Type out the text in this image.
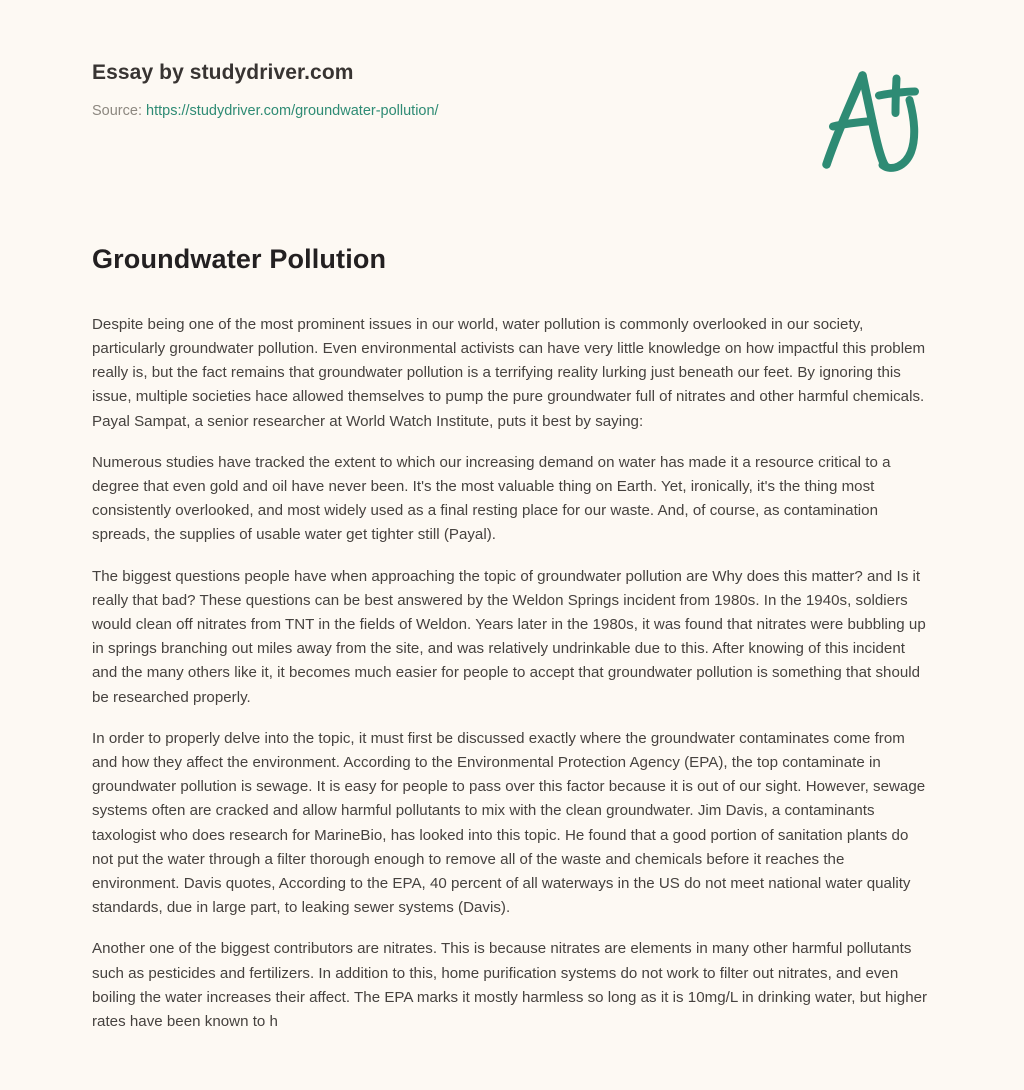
Essay by studydriver.com
Source: https://studydriver.com/groundwater-pollution/
Groundwater Pollution

Despite being one of the most prominent issues in our world, water pollution is commonly overlooked in our society, particularly groundwater pollution. Even environmental activists can have very little knowledge on how impactful this problem really is, but the fact remains that groundwater pollution is a terrifying reality lurking just beneath our feet. By ignoring this issue, multiple societies hace allowed themselves to pump the pure groundwater full of nitrates and other harmful chemicals. Payal Sampat, a senior researcher at World Watch Institute, puts it best by saying:

Numerous studies have tracked the extent to which our increasing demand on water has made it a resource critical to a degree that even gold and oil have never been. It's the most valuable thing on Earth. Yet, ironically, it's the thing most consistently overlooked, and most widely used as a final resting place for our waste. And, of course, as contamination spreads, the supplies of usable water get tighter still (Payal).

The biggest questions people have when approaching the topic of groundwater pollution are Why does this matter? and Is it really that bad? These questions can be best answered by the Weldon Springs incident from 1980s. In the 1940s, soldiers would clean off nitrates from TNT in the fields of Weldon. Years later in the 1980s, it was found that nitrates were bubbling up in springs branching out miles away from the site, and was relatively undrinkable due to this. After knowing of this incident and the many others like it, it becomes much easier for people to accept that groundwater pollution is something that should be researched properly.

In order to properly delve into the topic, it must first be discussed exactly where the groundwater contaminates come from and how they affect the environment. According to the Environmental Protection Agency (EPA), the top contaminate in groundwater pollution is sewage. It is easy for people to pass over this factor because it is out of our sight. However, sewage systems often are cracked and allow harmful pollutants to mix with the clean groundwater. Jim Davis, a contaminants taxologist who does research for MarineBio, has looked into this topic. He found that a good portion of sanitation plants do not put the water through a filter thorough enough to remove all of the waste and chemicals before it reaches the environment. Davis quotes, According to the EPA, 40 percent of all waterways in the US do not meet national water quality standards, due in large part, to leaking sewer systems (Davis).

Another one of the biggest contributors are nitrates. This is because nitrates are elements in many other harmful pollutants such as pesticides and fertilizers. In addition to this, home purification systems do not work to filter out nitrates, and even boiling the water increases their affect. The EPA marks it mostly harmless so long as it is 10mg/L in drinking water, but higher rates have been known to h
